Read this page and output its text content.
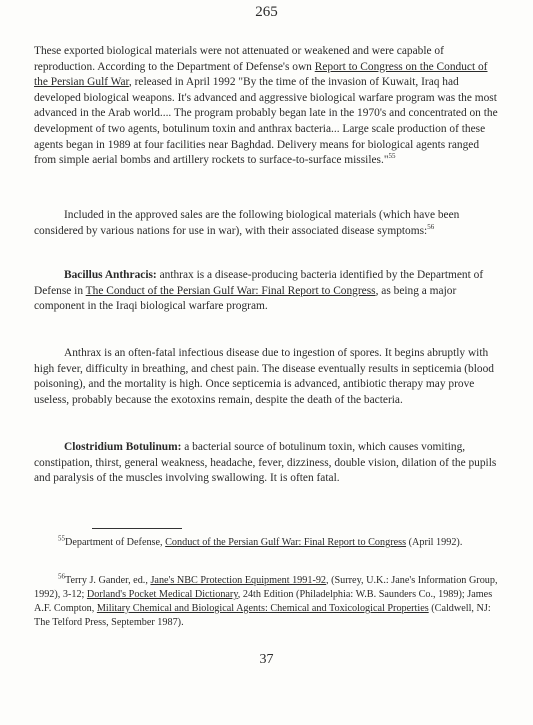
265

These exported biological materials were not attenuated or weakened and were capable of reproduction. According to the Department of Defense's own Report to Congress on the Conduct of the Persian Gulf War, released in April 1992 "By the time of the invasion of Kuwait, Iraq had developed biological weapons. It's advanced and aggressive biological warfare program was the most advanced in the Arab world.... The program probably began late in the 1970's and concentrated on the development of two agents, botulinum toxin and anthrax bacteria... Large scale production of these agents began in 1989 at four facilities near Baghdad. Delivery means for biological agents ranged from simple aerial bombs and artillery rockets to surface-to-surface missiles."$^{55}$

Included in the approved sales are the following biological materials (which have been considered by various nations for use in war), with their associated disease symptoms:$^{56}$

Bacillus Anthracis: anthrax is a disease-producing bacteria identified by the Department of Defense in The Conduct of the Persian Gulf War: Final Report to Congress, as being a major component in the Iraqi biological warfare program.

Anthrax is an often-fatal infectious disease due to ingestion of spores. It begins abruptly with high fever, difficulty in breathing, and chest pain. The disease eventually results in septicemia (blood poisoning), and the mortality is high. Once septicemia is advanced, antibiotic therapy may prove useless, probably because the exotoxins remain, despite the death of the bacteria.

Clostridium Botulinum: a bacterial source of botulinum toxin, which causes vomiting, constipation, thirst, general weakness, headache, fever, dizziness, double vision, dilation of the pupils and paralysis of the muscles involving swallowing. It is often fatal.

$^{55}$Department of Defense, Conduct of the Persian Gulf War: Final Report to Congress (April 1992).

$^{56}$Terry J. Gander, ed., Jane's NBC Protection Equipment 1991-92, (Surrey, U.K.: Jane's Information Group, 1992), 3-12; Dorland's Pocket Medical Dictionary, 24th Edition (Philadelphia: W.B. Saunders Co., 1989); James A.F. Compton, Military Chemical and Biological Agents: Chemical and Toxicological Properties (Caldwell, NJ: The Telford Press, September 1987).

37
